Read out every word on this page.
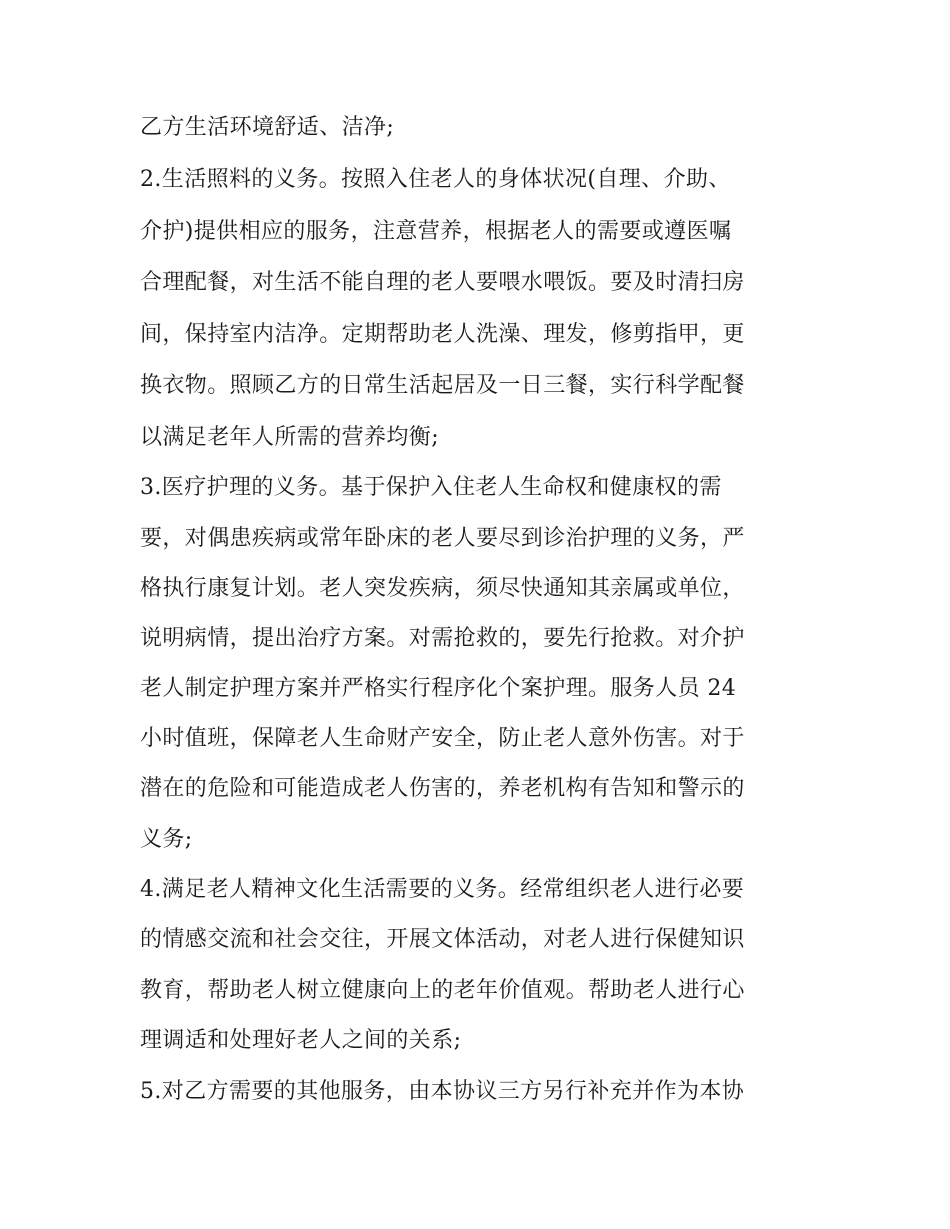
乙方生活环境舒适、洁净;
2.生活照料的义务。按照入住老人的身体状况(自理、介助、
介护)提供相应的服务，注意营养，根据老人的需要或遵医嘱
合理配餐，对生活不能自理的老人要喂水喂饭。要及时清扫房
间，保持室内洁净。定期帮助老人洗澡、理发，修剪指甲，更
换衣物。照顾乙方的日常生活起居及一日三餐，实行科学配餐
以满足老年人所需的营养均衡;
3.医疗护理的义务。基于保护入住老人生命权和健康权的需
要，对偶患疾病或常年卧床的老人要尽到诊治护理的义务，严
格执行康复计划。老人突发疾病，须尽快通知其亲属或单位，
说明病情，提出治疗方案。对需抢救的，要先行抢救。对介护
老人制定护理方案并严格实行程序化个案护理。服务人员 24
小时值班，保障老人生命财产安全，防止老人意外伤害。对于
潜在的危险和可能造成老人伤害的，养老机构有告知和警示的
义务;
4.满足老人精神文化生活需要的义务。经常组织老人进行必要
的情感交流和社会交往，开展文体活动，对老人进行保健知识
教育，帮助老人树立健康向上的老年价值观。帮助老人进行心
理调适和处理好老人之间的关系;
5.对乙方需要的其他服务，由本协议三方另行补充并作为本协
